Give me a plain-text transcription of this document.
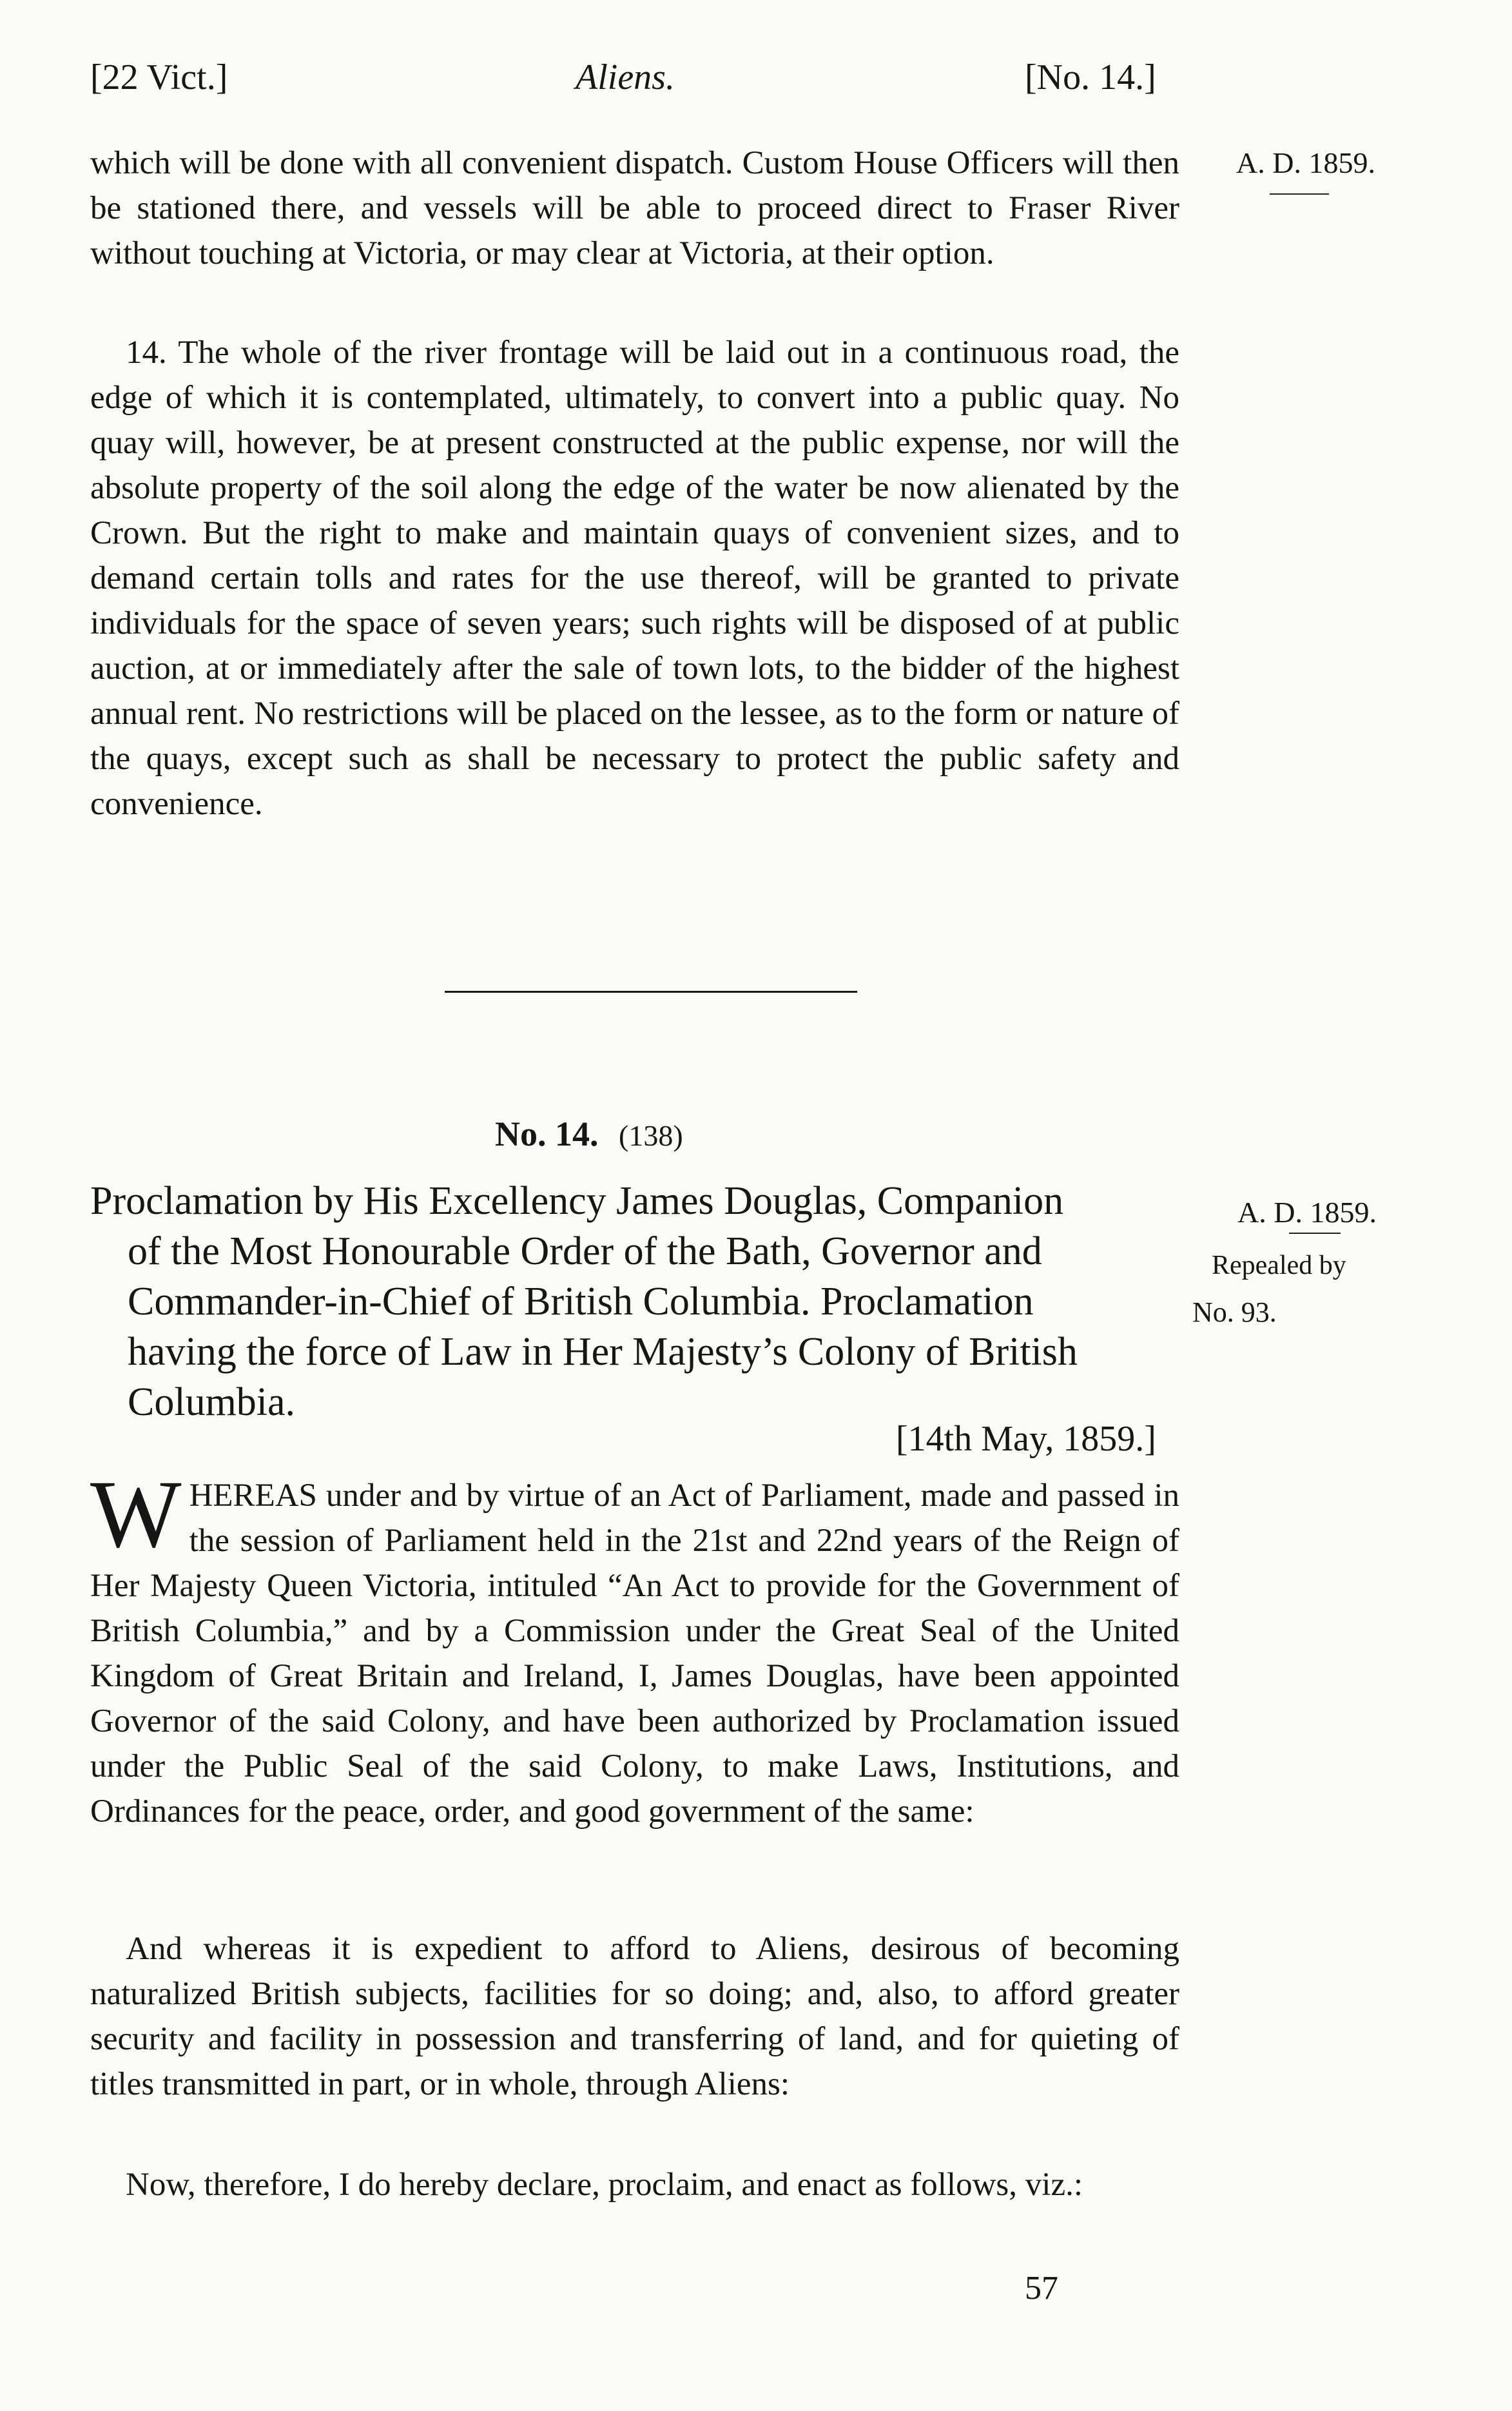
[22 Vict.]	Aliens.	[No. 14.]
A. D. 1859.

which will be done with all convenient dispatch. Custom House Officers will then be stationed there, and vessels will be able to proceed direct to Fraser River without touching at Victoria, or may clear at Victoria, at their option.

14. The whole of the river frontage will be laid out in a continuous road, the edge of which it is contemplated, ultimately, to convert into a public quay. No quay will, however, be at present constructed at the public expense, nor will the absolute property of the soil along the edge of the water be now alienated by the Crown. But the right to make and maintain quays of convenient sizes, and to demand certain tolls and rates for the use thereof, will be granted to private individuals for the space of seven years; such rights will be disposed of at public auction, at or immediately after the sale of town lots, to the bidder of the highest annual rent. No restrictions will be placed on the lessee, as to the form or nature of the quays, except such as shall be necessary to protect the public safety and convenience.

No. 14. (138)
Proclamation by His Excellency James Douglas, Companion
of the Most Honourable Order of the Bath, Governor and
Commander-in-Chief of British Columbia. Proclamation
having the force of Law in Her Majesty’s Colony of British
Columbia.
A. D. 1859.
Repealed by
No. 93.
[14th May, 1859.]

WHEREAS under and by virtue of an Act of Parliament, made and passed in the session of Parliament held in the 21st and 22nd years of the Reign of Her Majesty Queen Victoria, intituled “An Act to provide for the Government of British Columbia,” and by a Commission under the Great Seal of the United Kingdom of Great Britain and Ireland, I, James Douglas, have been appointed Governor of the said Colony, and have been authorized by Proclamation issued under the Public Seal of the said Colony, to make Laws, Institutions, and Ordinances for the peace, order, and good government of the same:

And whereas it is expedient to afford to Aliens, desirous of becoming naturalized British subjects, facilities for so doing; and, also, to afford greater security and facility in possession and transferring of land, and for quieting of titles transmitted in part, or in whole, through Aliens:

Now, therefore, I do hereby declare, proclaim, and enact as follows, viz.:

57
